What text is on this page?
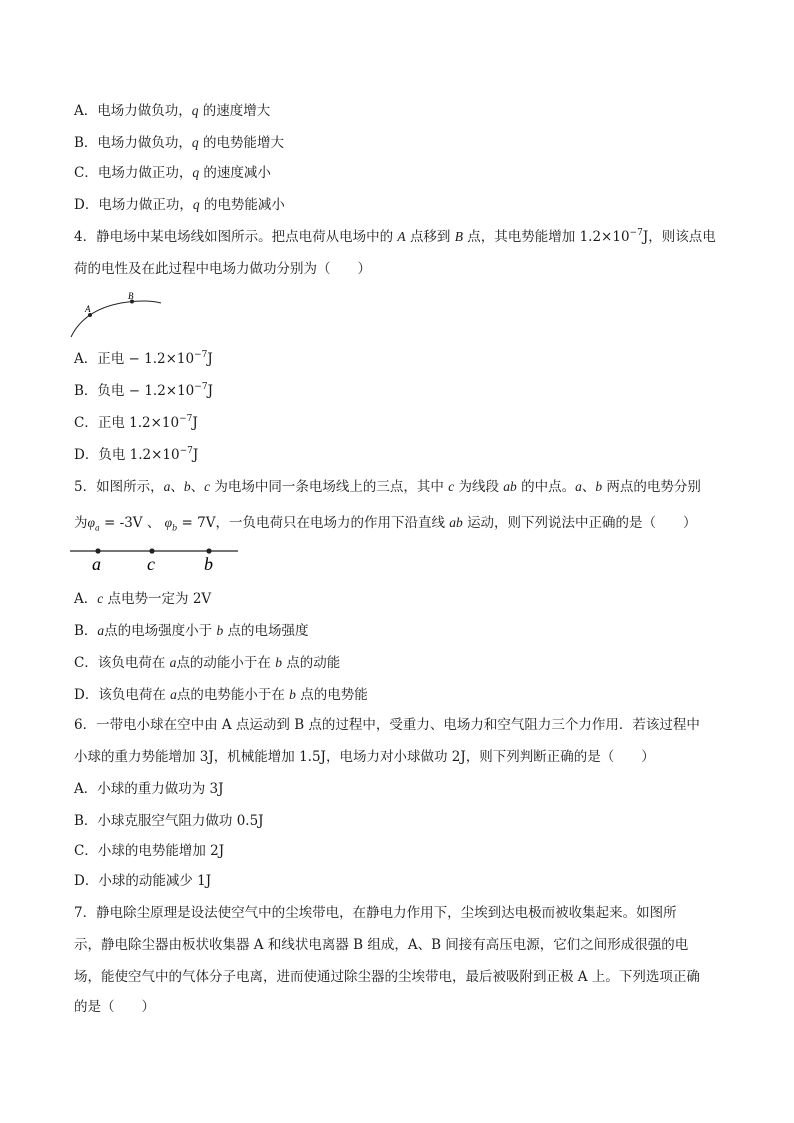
A．电场力做负功，q 的速度增大
B．电场力做负功，q 的电势能增大
C．电场力做正功，q 的速度减小
D．电场力做正功，q 的电势能减小
4．静电场中某电场线如图所示。把点电荷从电场中的 A 点移到 B 点，其电势能增加 $1.2\times 10^{-7}J$，则该点电
荷的电性及在此过程中电场力做功分别为（　　）
A
B
A．正电 − $1.2\times 10^{-7}J$
B．负电 − $1.2\times 10^{-7}J$
C．正电 $1.2\times 10^{-7}J$
D．负电 $1.2\times 10^{-7}J$
5．如图所示，a、b、c 为电场中同一条电场线上的三点，其中 c 为线段 ab 的中点。a、b 两点的电势分别
为$\varphi_a = -3V$ 、 $\varphi_b = 7V$，一负电荷只在电场力的作用下沿直线 ab 运动，则下列说法中正确的是（　　）
a	c	b
A．c 点电势一定为 2V
B．a点的电场强度小于 b 点的电场强度
C．该负电荷在 a点的动能小于在 b 点的动能
D．该负电荷在 a点的电势能小于在 b 点的电势能
6．一带电小球在空中由 A 点运动到 B 点的过程中，受重力、电场力和空气阻力三个力作用．若该过程中
小球的重力势能增加 3J，机械能增加 1.5J，电场力对小球做功 2J，则下列判断正确的是（　　）
A．小球的重力做功为 3J
B．小球克服空气阻力做功 0.5J
C．小球的电势能增加 2J
D．小球的动能减少 1J
7．静电除尘原理是设法使空气中的尘埃带电，在静电力作用下，尘埃到达电极而被收集起来。如图所
示，静电除尘器由板状收集器 A 和线状电离器 B 组成，A、B 间接有高压电源，它们之间形成很强的电
场，能使空气中的气体分子电离，进而使通过除尘器的尘埃带电，最后被吸附到正极 A 上。下列选项正确
的是（　　）
